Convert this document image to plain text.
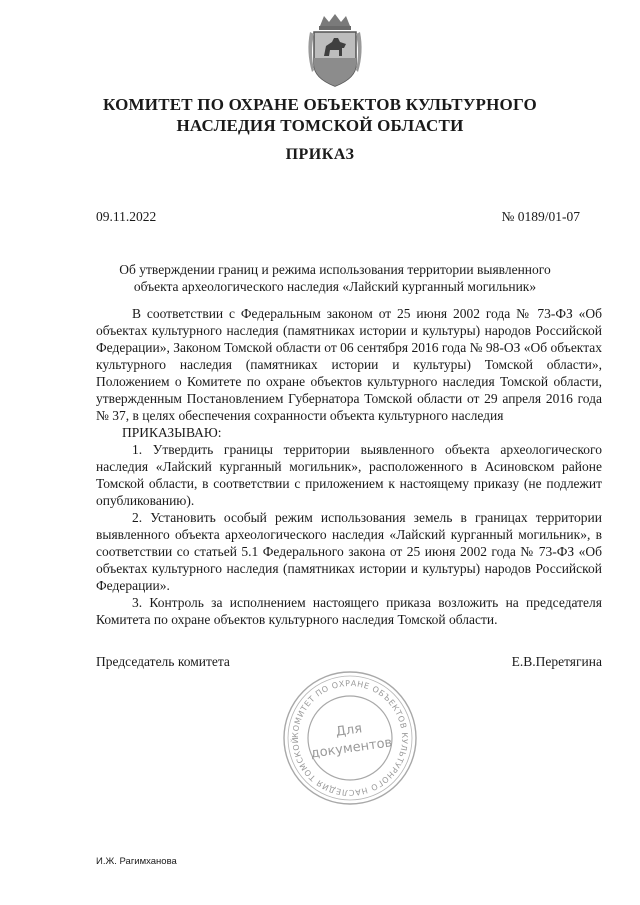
КОМИТЕТ ПО ОХРАНЕ ОБЪЕКТОВ КУЛЬТУРНОГО
НАСЛЕДИЯ ТОМСКОЙ ОБЛАСТИ
ПРИКАЗ
09.11.2022	№ 0189/01-07
Об утверждении границ и режима использования территории выявленного
объекта археологического наследия «Лайский курганный могильник»

В соответствии с Федеральным законом от 25 июня 2002 года № 73-ФЗ «Об объектах культурного наследия (памятниках истории и культуры) народов Российской Федерации», Законом Томской области от 06 сентября 2016 года № 98-ОЗ «Об объектах культурного наследия (памятниках истории и культуры) Томской области», Положением о Комитете по охране объектов культурного наследия Томской области, утвержденным Постановлением Губернатора Томской области от 29 апреля 2016 года № 37, в целях обеспечения сохранности объекта культурного наследия

ПРИКАЗЫВАЮ:

1. Утвердить границы территории выявленного объекта археологического наследия «Лайский курганный могильник», расположенного в Асиновском районе Томской области, в соответствии с приложением к настоящему приказу (не подлежит опубликованию).

2. Установить особый режим использования земель в границах территории выявленного объекта археологического наследия «Лайский курганный могильник», в соответствии со статьей 5.1 Федерального закона от 25 июня 2002 года № 73-ФЗ «Об объектах культурного наследия (памятниках истории и культуры) народов Российской Федерации».

3. Контроль за исполнением настоящего приказа возложить на председателя Комитета по охране объектов культурного наследия Томской области.

Председатель комитета	Е.В.Перетягина
КОМИТЕТ ПО ОХРАНЕ ОБЪЕКТОВ КУЛЬТУРНОГО НАСЛЕДИЯ ТОМСКОЙ
Для
документов
И.Ж. Рагимханова
